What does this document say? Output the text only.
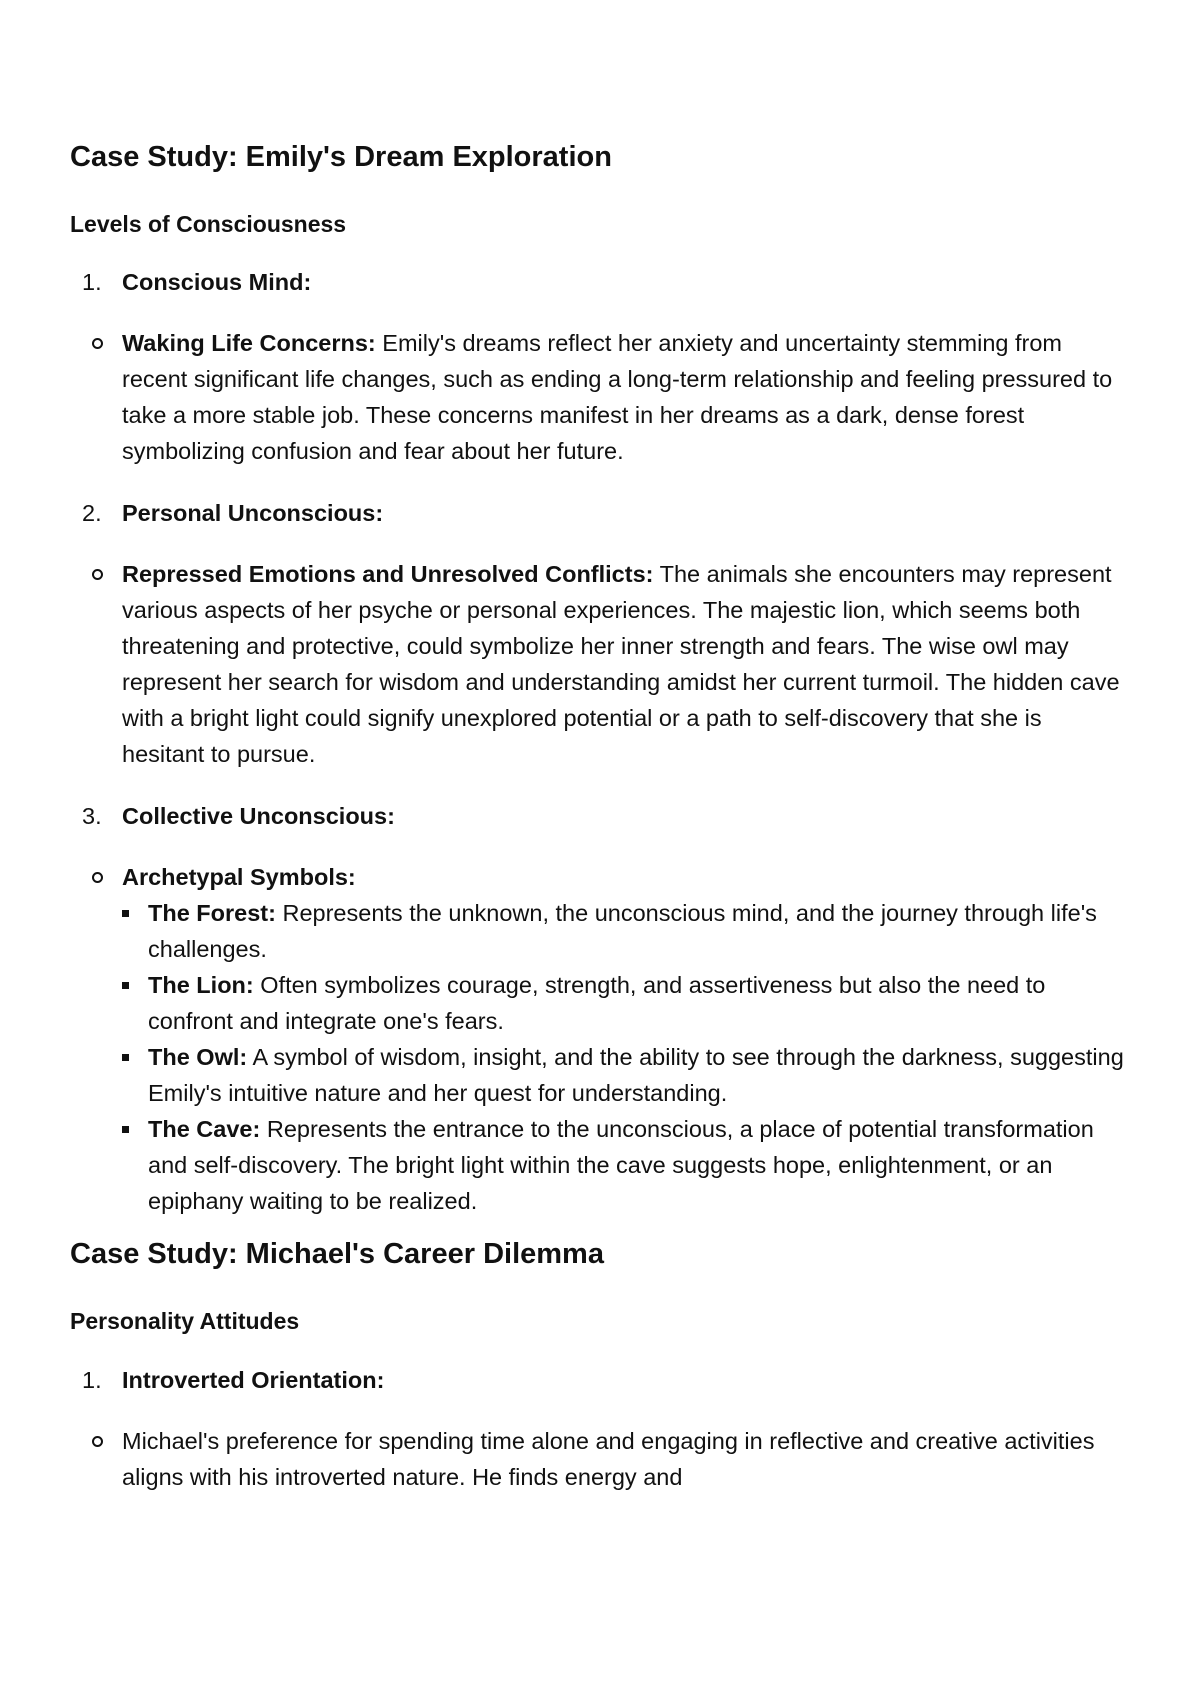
Case Study: Emily's Dream Exploration
Levels of Consciousness
1. Conscious Mind:
Waking Life Concerns: Emily's dreams reflect her anxiety and uncertainty stemming from recent significant life changes, such as ending a long-term relationship and feeling pressured to take a more stable job. These concerns manifest in her dreams as a dark, dense forest symbolizing confusion and fear about her future.
2. Personal Unconscious:
Repressed Emotions and Unresolved Conflicts: The animals she encounters may represent various aspects of her psyche or personal experiences. The majestic lion, which seems both threatening and protective, could symbolize her inner strength and fears. The wise owl may represent her search for wisdom and understanding amidst her current turmoil. The hidden cave with a bright light could signify unexplored potential or a path to self-discovery that she is hesitant to pursue.
3. Collective Unconscious:
Archetypal Symbols:
The Forest: Represents the unknown, the unconscious mind, and the journey through life's challenges.
The Lion: Often symbolizes courage, strength, and assertiveness but also the need to confront and integrate one's fears.
The Owl: A symbol of wisdom, insight, and the ability to see through the darkness, suggesting Emily's intuitive nature and her quest for understanding.
The Cave: Represents the entrance to the unconscious, a place of potential transformation and self-discovery. The bright light within the cave suggests hope, enlightenment, or an epiphany waiting to be realized.
Case Study: Michael's Career Dilemma
Personality Attitudes
1. Introverted Orientation:
Michael's preference for spending time alone and engaging in reflective and creative activities aligns with his introverted nature. He finds energy and
